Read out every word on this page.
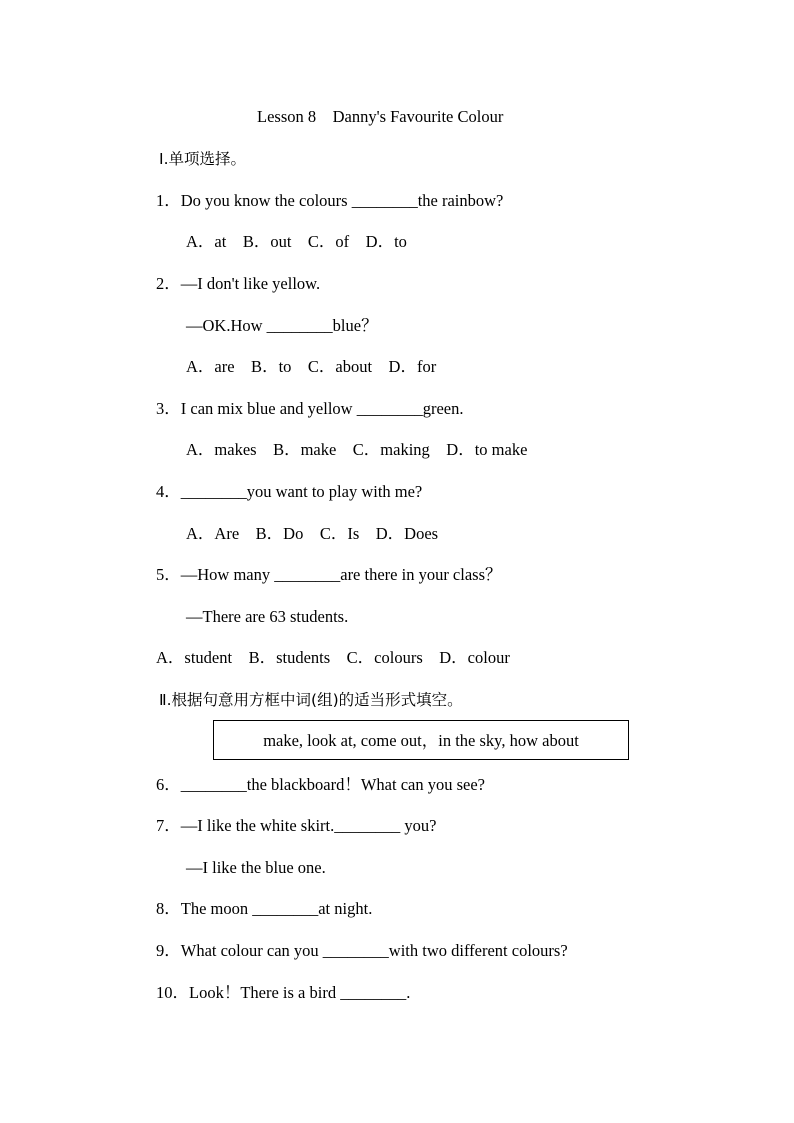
Lesson 8    Danny's Favourite Colour
Ⅰ.单项选择。
1．Do you know the colours ________the rainbow?
A．at    B．out    C．of    D．to
2．—I don't like yellow.
—OK.How ________blue？
A．are    B．to    C．about    D．for
3．I can mix blue and yellow ________green.
A．makes    B．make    C．making    D．to make
4．________you want to play with me?
A．Are    B．Do    C．Is    D．Does
5．—How many ________are there in your class？
—There are 63 students.
A．student    B．students    C．colours    D．colour
Ⅱ.根据句意用方框中词(组)的适当形式填空。
make, look at, come out，in the sky, how about
6．________the blackboard！What can you see?
7．—I like the white skirt.________ you?
—I like the blue one.
8．The moon ________at night.
9．What colour can you ________with two different colours?
10．Look！There is a bird ________.
